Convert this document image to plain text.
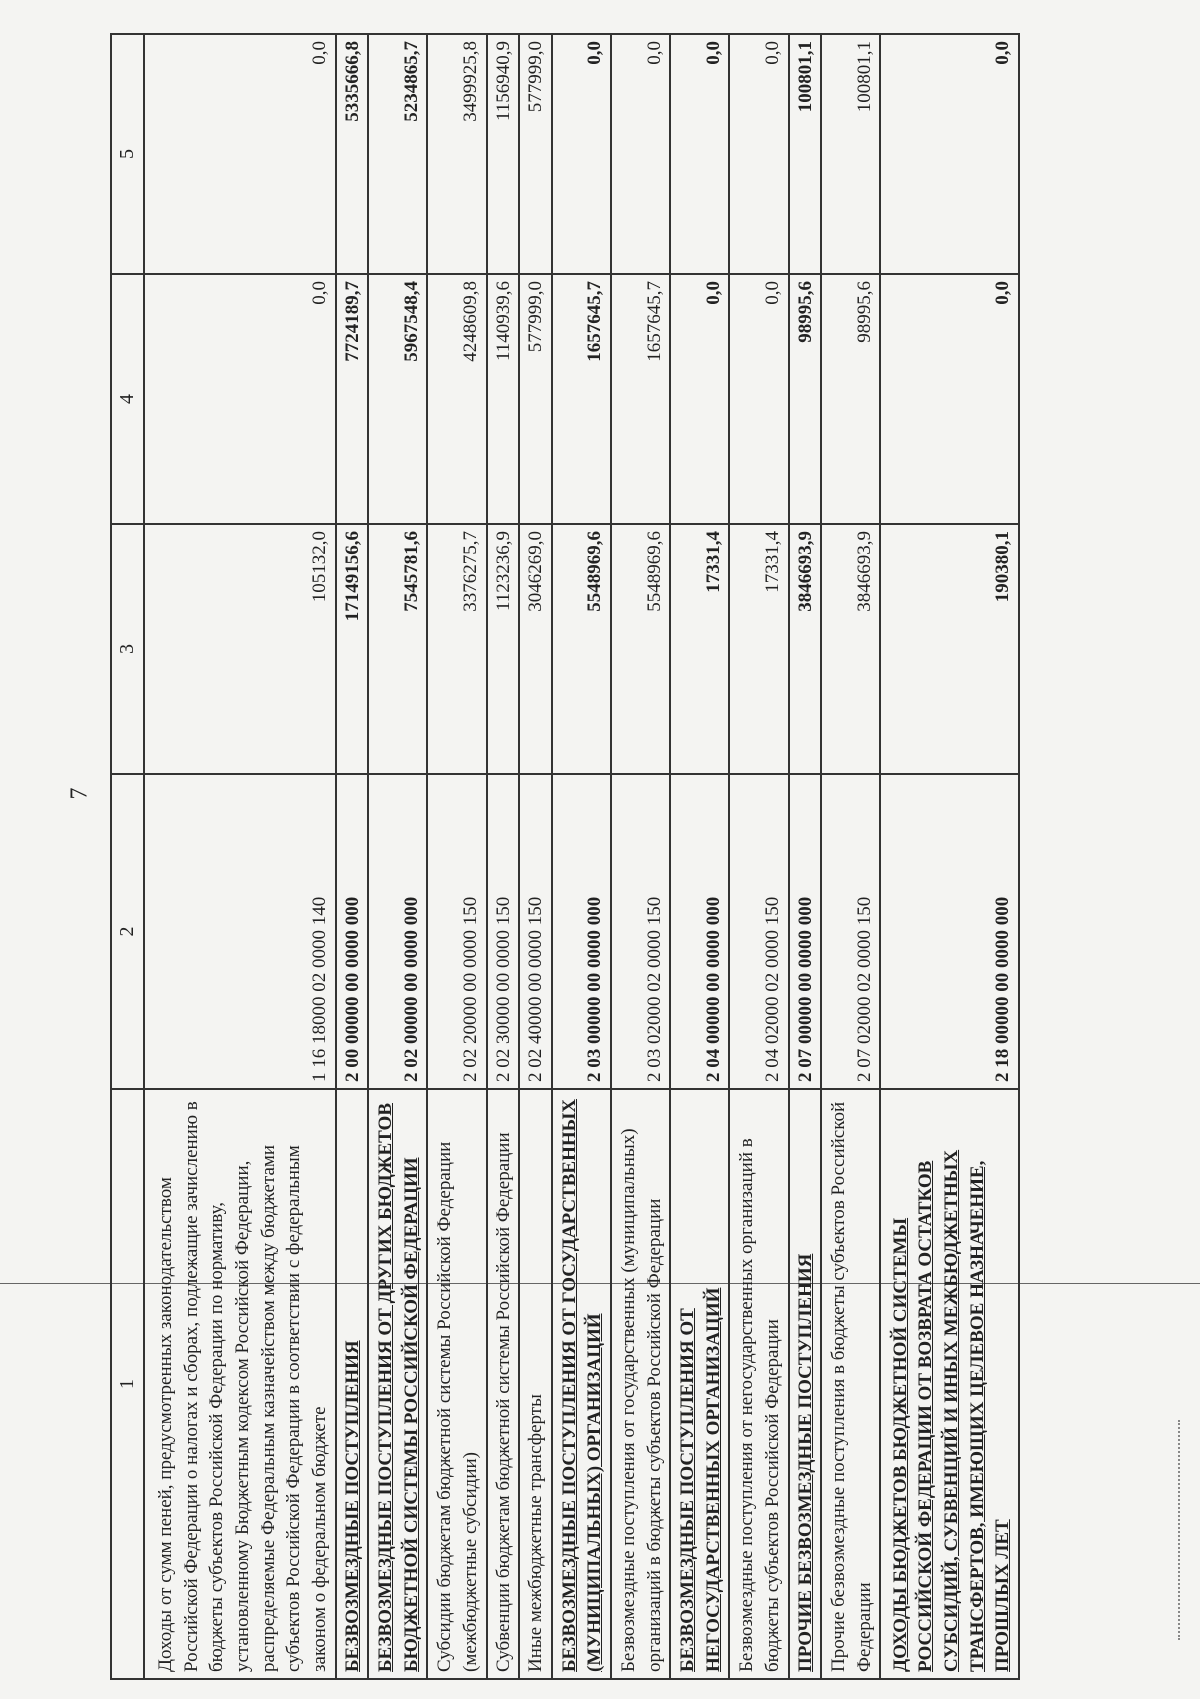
7
1	2	3	4	5
Доходы от сумм пеней, предусмотренных законодательством Российской Федерации о налогах и сборах, подлежащие зачислению в бюджеты субъектов Российской Федерации по нормативу, установленному Бюджетным кодексом Российской Федерации, распределяемые Федеральным казначейством между бюджетами субъектов Российской Федерации в соответствии с федеральным законом о федеральном бюджете	1 16 18000 02 0000 140	105132,0	0,0	0,0
БЕЗВОЗМЕЗДНЫЕ ПОСТУПЛЕНИЯ	2 00 00000 00 0000 000	17149156,6	7724189,7	5335666,8
БЕЗВОЗМЕЗДНЫЕ ПОСТУПЛЕНИЯ ОТ ДРУГИХ БЮДЖЕТОВ БЮДЖЕТНОЙ СИСТЕМЫ РОССИЙСКОЙ ФЕДЕРАЦИИ	2 02 00000 00 0000 000	7545781,6	5967548,4	5234865,7
Субсидии бюджетам бюджетной системы Российской Федерации (межбюджетные субсидии)	2 02 20000 00 0000 150	3376275,7	4248609,8	3499925,8
Субвенции бюджетам бюджетной системы Российской Федерации	2 02 30000 00 0000 150	1123236,9	1140939,6	1156940,9
Иные межбюджетные трансферты	2 02 40000 00 0000 150	3046269,0	577999,0	577999,0
БЕЗВОЗМЕЗДНЫЕ ПОСТУПЛЕНИЯ ОТ ГОСУДАРСТВЕННЫХ (МУНИЦИПАЛЬНЫХ) ОРГАНИЗАЦИЙ	2 03 00000 00 0000 000	5548969,6	1657645,7	0,0
Безвозмездные поступления от государственных (муниципальных) организаций в бюджеты субъектов Российской Федерации	2 03 02000 02 0000 150	5548969,6	1657645,7	0,0
БЕЗВОЗМЕЗДНЫЕ ПОСТУПЛЕНИЯ ОТ НЕГОСУДАРСТВЕННЫХ ОРГАНИЗАЦИЙ	2 04 00000 00 0000 000	17331,4	0,0	0,0
Безвозмездные поступления от негосударственных организаций в бюджеты субъектов Российской Федерации	2 04 02000 02 0000 150	17331,4	0,0	0,0
ПРОЧИЕ БЕЗВОЗМЕЗДНЫЕ ПОСТУПЛЕНИЯ	2 07 00000 00 0000 000	3846693,9	98995,6	100801,1
Прочие безвозмездные поступления в бюджеты субъектов Российской Федерации	2 07 02000 02 0000 150	3846693,9	98995,6	100801,1
ДОХОДЫ БЮДЖЕТОВ БЮДЖЕТНОЙ СИСТЕМЫ РОССИЙСКОЙ ФЕДЕРАЦИИ ОТ ВОЗВРАТА ОСТАТКОВ СУБСИДИЙ, СУБВЕНЦИЙ И ИНЫХ МЕЖБЮДЖЕТНЫХ ТРАНСФЕРТОВ, ИМЕЮЩИХ ЦЕЛЕВОЕ НАЗНАЧЕНИЕ, ПРОШЛЫХ ЛЕТ	2 18 00000 00 0000 000	190380,1	0,0	0,0
